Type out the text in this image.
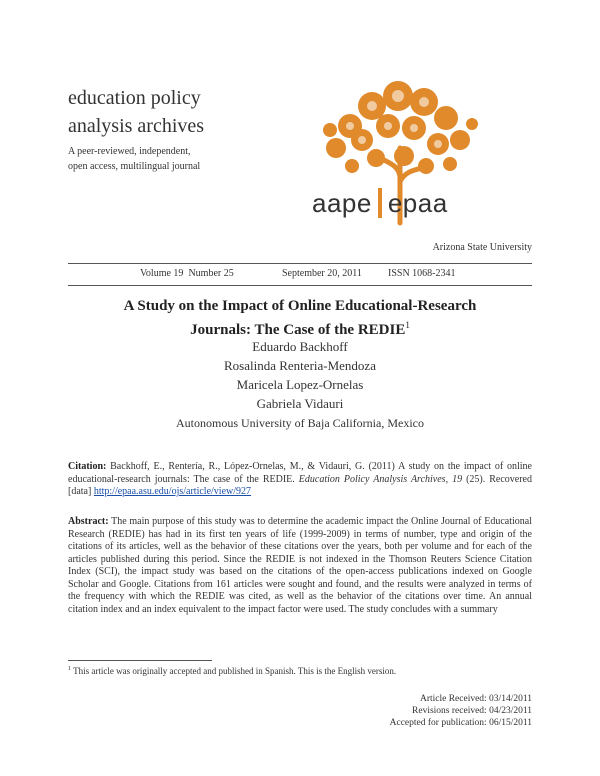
education policy
analysis archives
A peer-reviewed, independent,
open access, multilingual journal
aape epaa
Arizona State University
Volume 19 Number 25	September 20, 2011	ISSN 1068-2341
A Study on the Impact of Online Educational-Research
Journals: The Case of the REDIE$^1$
Eduardo Backhoff
Rosalinda Renteria-Mendoza
Maricela Lopez-Ornelas
Gabriela Vidauri
Autonomous University of Baja California, Mexico
Citation: Backhoff, E., Rentería, R., López-Ornelas, M., & Vidauri, G. (2011) A study on the impact of online educational-research journals: The case of the REDIE. Education Policy Analysis Archives, 19 (25). Recovered [data] http://epaa.asu.edu/ojs/article/view/927
Abstract: The main purpose of this study was to determine the academic impact the Online Journal of Educational Research (REDIE) has had in its first ten years of life (1999-2009) in terms of number, type and origin of the citations of its articles, well as the behavior of these citations over the years, both per volume and for each of the articles published during this period. Since the REDIE is not indexed in the Thomson Reuters Science Citation Index (SCI), the impact study was based on the citations of the open-access publications indexed on Google Scholar and Google. Citations from 161 articles were sought and found, and the results were analyzed in terms of the frequency with which the REDIE was cited, as well as the behavior of the citations over time. An annual citation index and an index equivalent to the impact factor were used. The study concludes with a summary
$^1$ This article was originally accepted and published in Spanish. This is the English version.
Article Received: 03/14/2011
Revisions received: 04/23/2011
Accepted for publication: 06/15/2011
